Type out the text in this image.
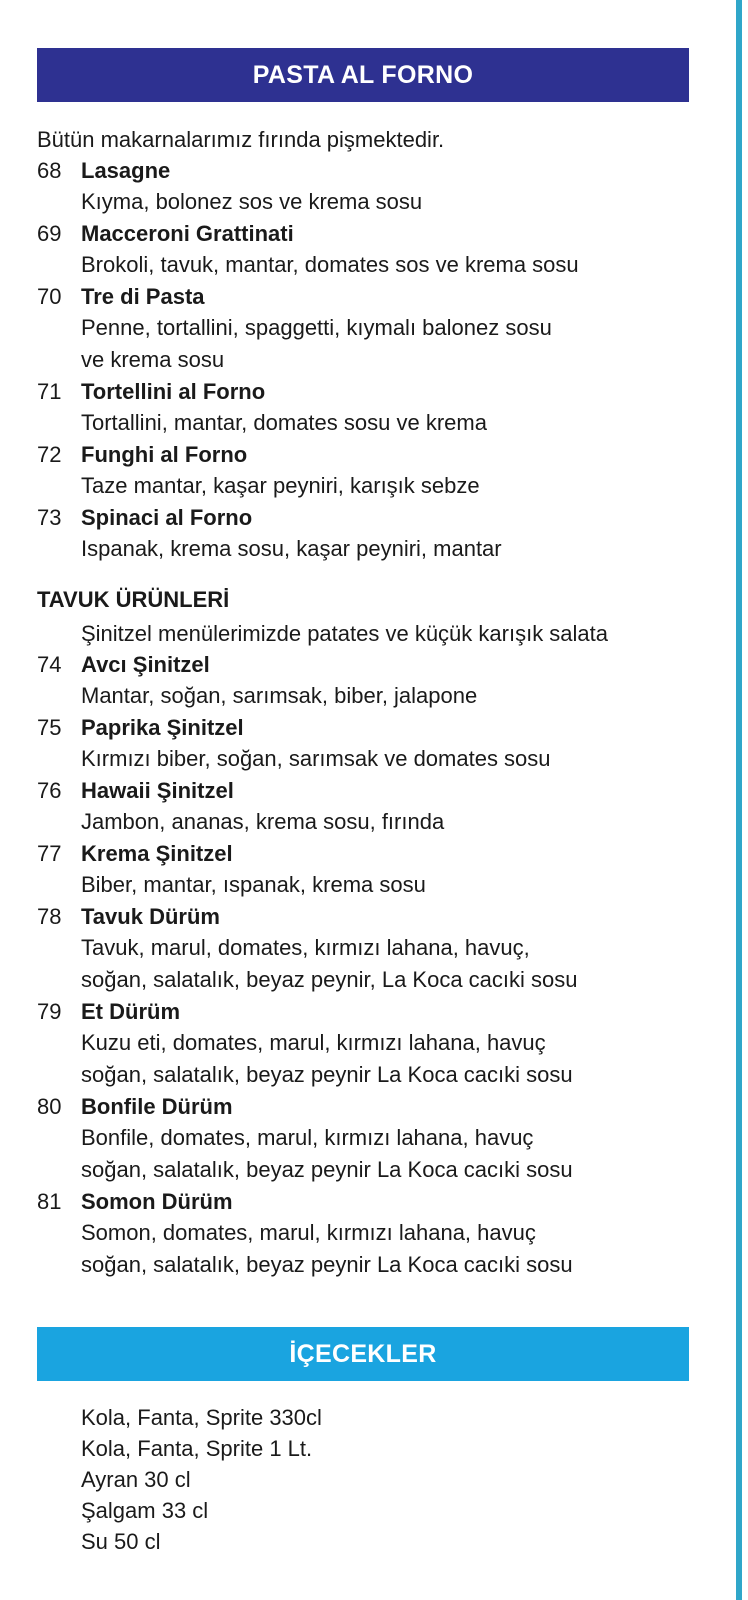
PASTA AL FORNO
Bütün makarnalarımız fırında pişmektedir.
68 Lasagne
Kıyma, bolonez sos ve krema sosu
69 Macceroni Grattinati
Brokoli, tavuk, mantar, domates sos ve krema sosu
70 Tre di Pasta
Penne, tortallini, spaggetti, kıymalı balonez sosu
ve krema sosu
71 Tortellini al Forno
Tortallini, mantar, domates sosu ve krema
72 Funghi al Forno
Taze mantar, kaşar peyniri, karışık sebze
73 Spinaci al Forno
Ispanak, krema sosu, kaşar peyniri, mantar
TAVUK ÜRÜNLERİ
Şinitzel menülerimizde patates ve küçük karışık salata
74 Avcı Şinitzel
Mantar, soğan, sarımsak, biber, jalapone
75 Paprika Şinitzel
Kırmızı biber, soğan, sarımsak ve domates sosu
76 Hawaii Şinitzel
Jambon, ananas, krema sosu, fırında
77 Krema Şinitzel
Biber, mantar, ıspanak, krema sosu
78 Tavuk Dürüm
Tavuk, marul, domates, kırmızı lahana, havuç,
soğan, salatalık, beyaz peynir, La Koca cacıki sosu
79 Et Dürüm
Kuzu eti, domates, marul, kırmızı lahana, havuç
soğan, salatalık, beyaz peynir La Koca cacıki sosu
80 Bonfile Dürüm
Bonfile, domates, marul, kırmızı lahana, havuç
soğan, salatalık, beyaz peynir La Koca cacıki sosu
81 Somon Dürüm
Somon, domates, marul, kırmızı lahana, havuç
soğan, salatalık, beyaz peynir La Koca cacıki sosu
İÇECEKLER
Kola, Fanta, Sprite 330cl
Kola, Fanta, Sprite 1 Lt.
Ayran 30 cl
Şalgam 33 cl
Su 50 cl
